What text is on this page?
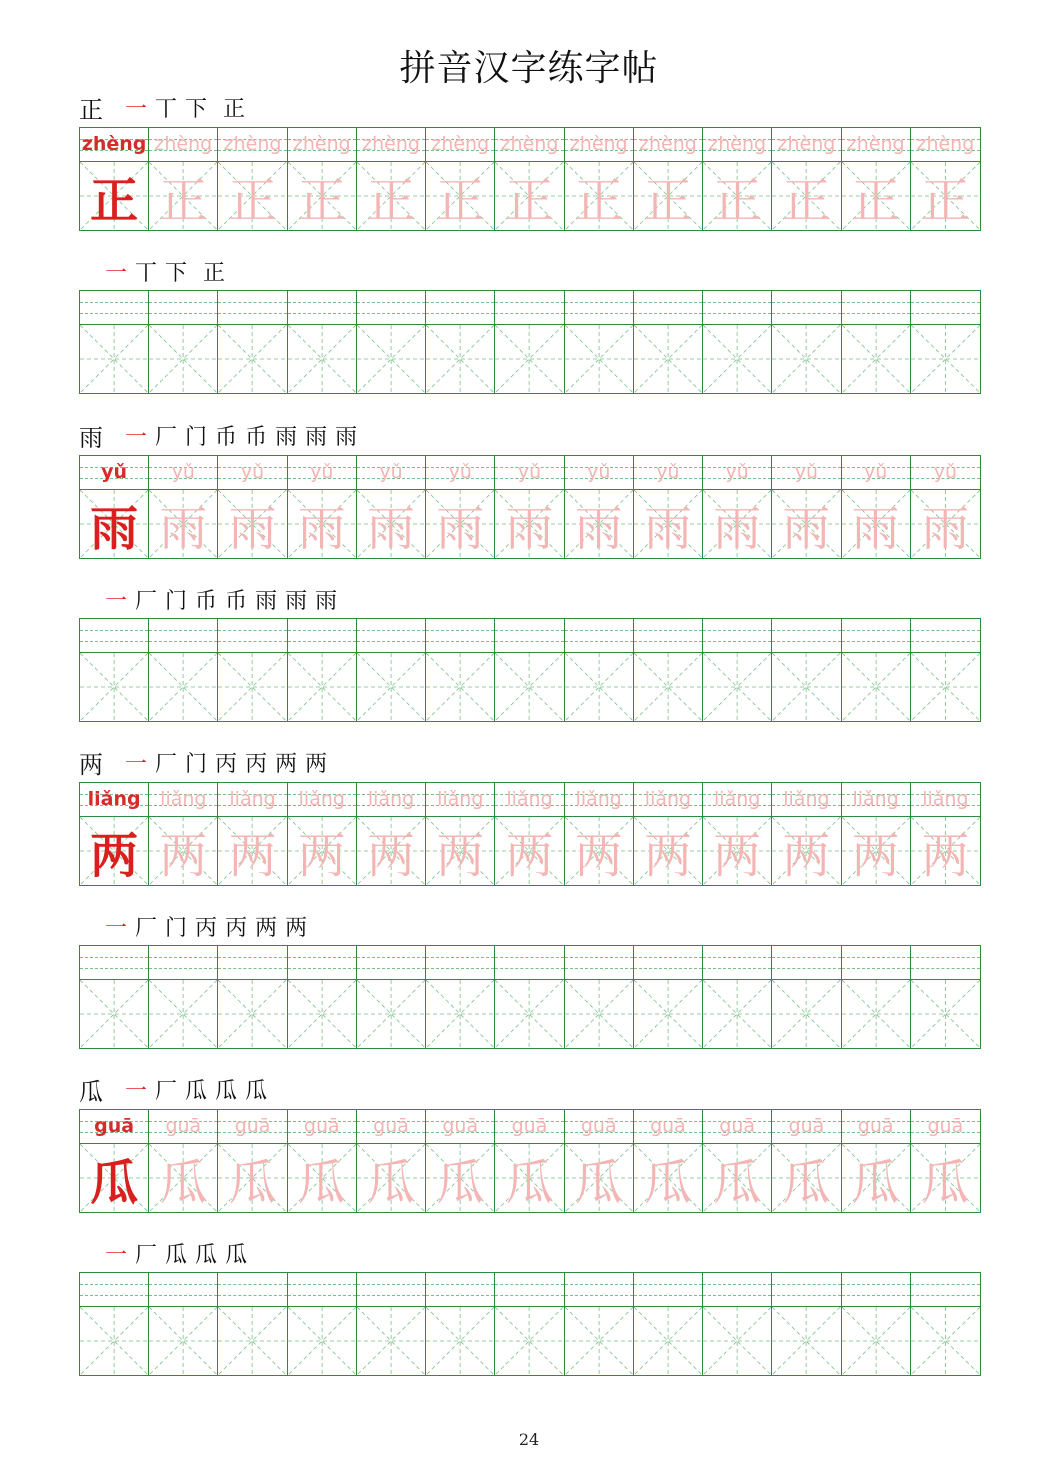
拼音汉字练字帖
正 一 丅 下 正
zhèng
正
zhèng
正
zhèng
正
zhèng
正
zhèng
正
zhèng
正
zhèng
正
zhèng
正
zhèng
正
zhèng
正
zhèng
正
zhèng
正
zhèng
正
一 丅 下 正
雨 一 厂 门 币 币 雨 雨 雨
yǔ
雨
yǔ
雨
yǔ
雨
yǔ
雨
yǔ
雨
yǔ
雨
yǔ
雨
yǔ
雨
yǔ
雨
yǔ
雨
yǔ
雨
yǔ
雨
yǔ
雨
一 厂 门 币 币 雨 雨 雨
两 一 厂 门 丙 丙 两 两
liǎng
两
liǎng
两
liǎng
两
liǎng
两
liǎng
两
liǎng
两
liǎng
两
liǎng
两
liǎng
两
liǎng
两
liǎng
两
liǎng
两
liǎng
两
一 厂 门 丙 丙 两 两
瓜 一 厂 瓜 瓜 瓜
guā
瓜
guā
瓜
guā
瓜
guā
瓜
guā
瓜
guā
瓜
guā
瓜
guā
瓜
guā
瓜
guā
瓜
guā
瓜
guā
瓜
guā
瓜
一 厂 瓜 瓜 瓜
24
